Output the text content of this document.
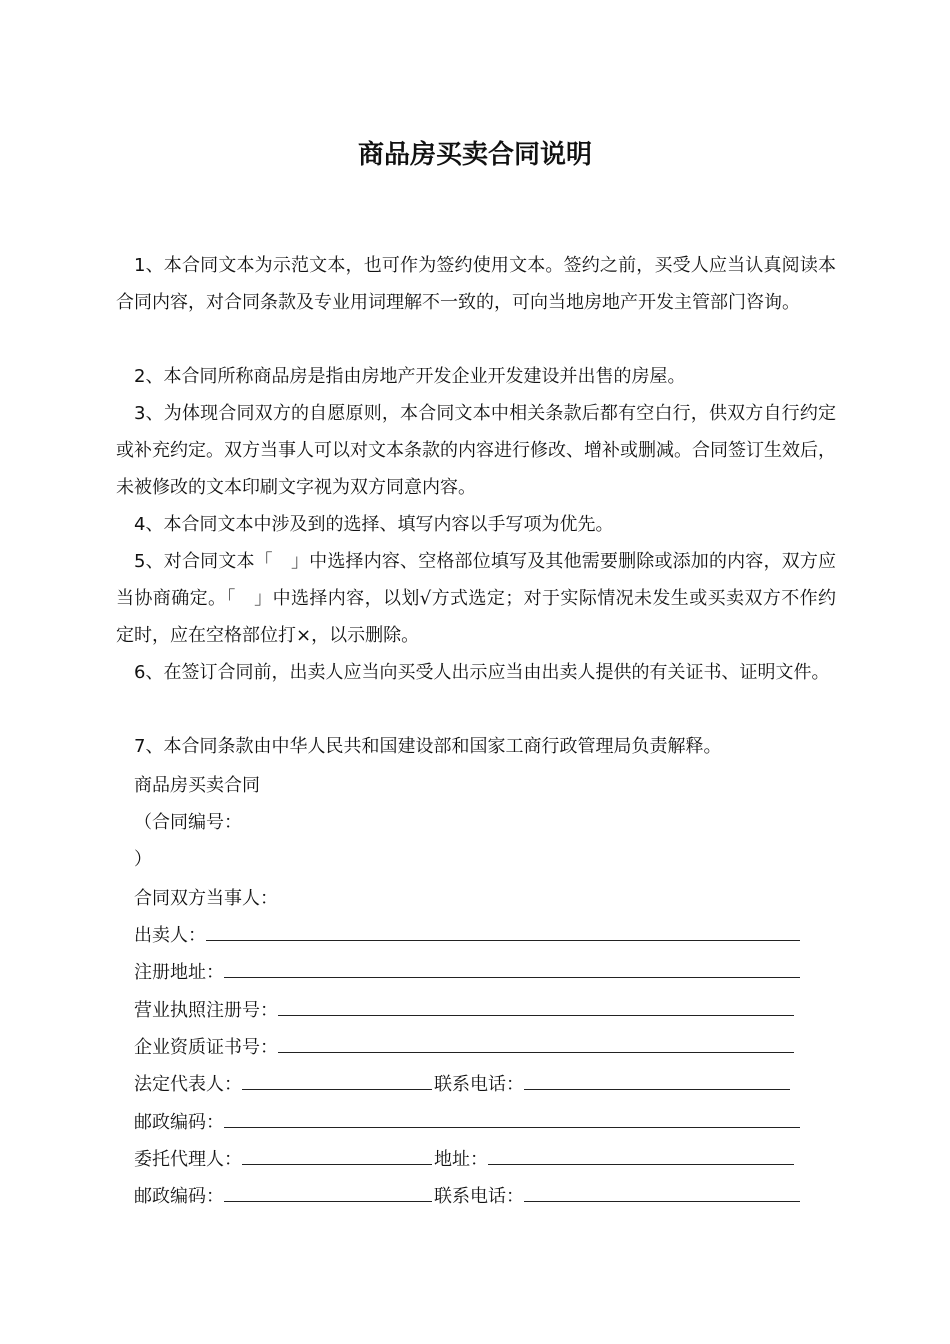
商品房买卖合同说明
1、本合同文本为示范文本，也可作为签约使用文本。签约之前，买受人应当认真阅读本合同内容，对合同条款及专业用词理解不一致的，可向当地房地产开发主管部门咨询。
2、本合同所称商品房是指由房地产开发企业开发建设并出售的房屋。
3、为体现合同双方的自愿原则，本合同文本中相关条款后都有空白行，供双方自行约定或补充约定。双方当事人可以对文本条款的内容进行修改、增补或删减。合同签订生效后，未被修改的文本印刷文字视为双方同意内容。
4、本合同文本中涉及到的选择、填写内容以手写项为优先。
5、对合同文本「　」中选择内容、空格部位填写及其他需要删除或添加的内容，双方应当协商确定。「　」中选择内容，以划√方式选定；对于实际情况未发生或买卖双方不作约定时，应在空格部位打×，以示删除。
6、在签订合同前，出卖人应当向买受人出示应当由出卖人提供的有关证书、证明文件。
7、本合同条款由中华人民共和国建设部和国家工商行政管理局负责解释。
商品房买卖合同
（合同编号：
）
合同双方当事人：
出卖人：
注册地址：
营业执照注册号：
企业资质证书号：
法定代表人：	联系电话：
邮政编码：
委托代理人：	地址：
邮政编码：	联系电话：
